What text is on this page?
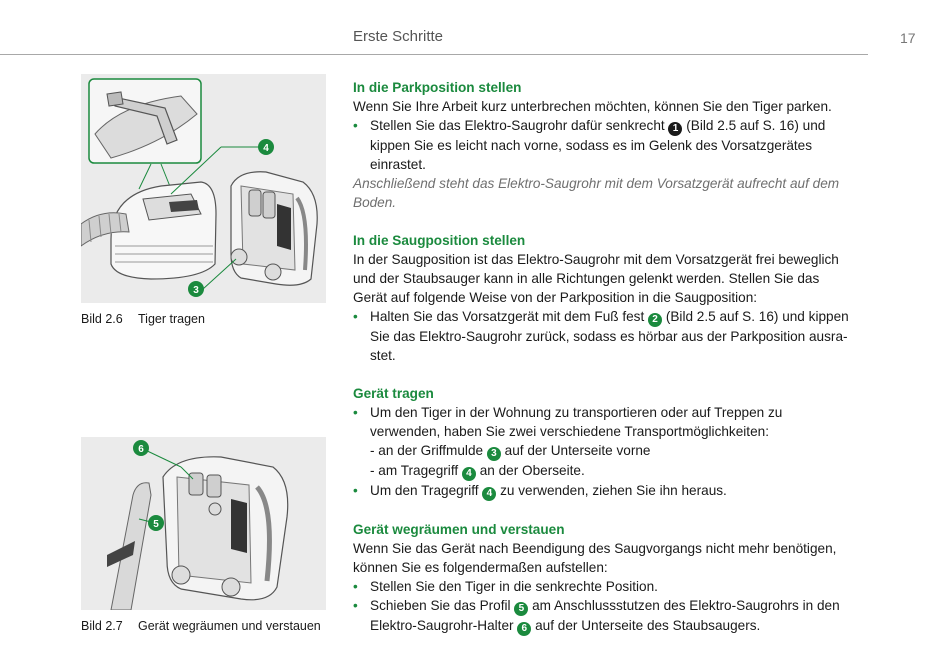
Erste Schritte	17
4
3
Bild 2.6 Tiger tragen
6
5
Bild 2.7 Gerät wegräumen und verstauen
In die Parkposition stellen

Wenn Sie Ihre Arbeit kurz unterbrechen möchten, können Sie den Tiger parken.

• Stellen Sie das Elektro-Saugrohr dafür senkrecht 1 (Bild 2.5 auf S. 16) und
kippen Sie es leicht nach vorne, sodass es im Gelenk des Vorsatzgerätes
einrastet.
Anschließend steht das Elektro-Saugrohr mit dem Vorsatzgerät aufrecht auf dem
Boden.
In die Saugposition stellen
In der Saugposition ist das Elektro-Saugrohr mit dem Vorsatzgerät frei beweglich
und der Staubsauger kann in alle Richtungen gelenkt werden. Stellen Sie das
Gerät auf folgende Weise von der Parkposition in die Saugposition:
• Halten Sie das Vorsatzgerät mit dem Fuß fest 2 (Bild 2.5 auf S. 16) und kippen
Sie das Elektro-Saugrohr zurück, sodass es hörbar aus der Parkposition ausra-
stet.
Gerät tragen
• Um den Tiger in der Wohnung zu transportieren oder auf Treppen zu
verwenden, haben Sie zwei verschiedene Transportmöglichkeiten:
- an der Griffmulde 3 auf der Unterseite vorne
- am Tragegriff 4 an der Oberseite.
• Um den Tragegriff 4 zu verwenden, ziehen Sie ihn heraus.
Gerät wegräumen und verstauen
Wenn Sie das Gerät nach Beendigung des Saugvorgangs nicht mehr benötigen,
können Sie es folgendermaßen aufstellen:
• Stellen Sie den Tiger in die senkrechte Position.
• Schieben Sie das Profil 5 am Anschlussstutzen des Elektro-Saugrohrs in den
Elektro-Saugrohr-Halter 6 auf der Unterseite des Staubsaugers.
